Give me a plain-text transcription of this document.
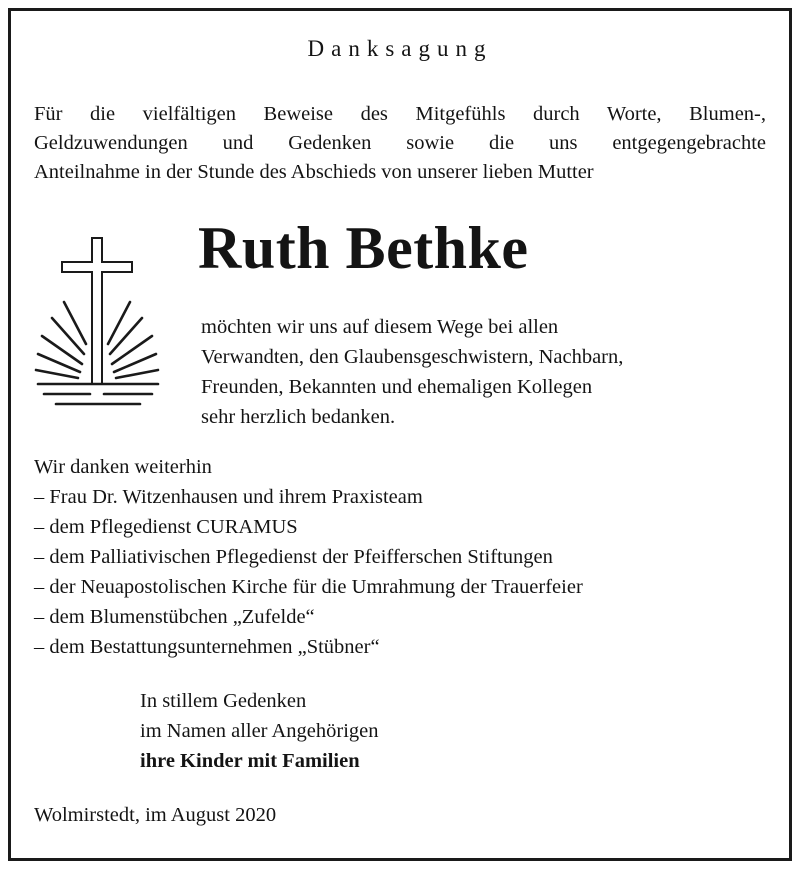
Danksagung
Für die vielfältigen Beweise des Mitgefühls durch Worte, Blumen-,
Geldzuwendungen und Gedenken sowie die uns entgegengebrachte
Anteilnahme in der Stunde des Abschieds von unserer lieben Mutter
Ruth Bethke
möchten wir uns auf diesem Wege bei allen
Verwandten, den Glaubensgeschwistern, Nachbarn,
Freunden, Bekannten und ehemaligen Kollegen
sehr herzlich bedanken.
Wir danken weiterhin
– Frau Dr. Witzenhausen und ihrem Praxisteam
– dem Pflegedienst CURAMUS
– dem Palliativischen Pflegedienst der Pfeifferschen Stiftungen
– der Neuapostolischen Kirche für die Umrahmung der Trauerfeier
– dem Blumenstübchen „Zufelde“
– dem Bestattungsunternehmen „Stübner“
In stillem Gedenken
im Namen aller Angehörigen
ihre Kinder mit Familien
Wolmirstedt, im August 2020
